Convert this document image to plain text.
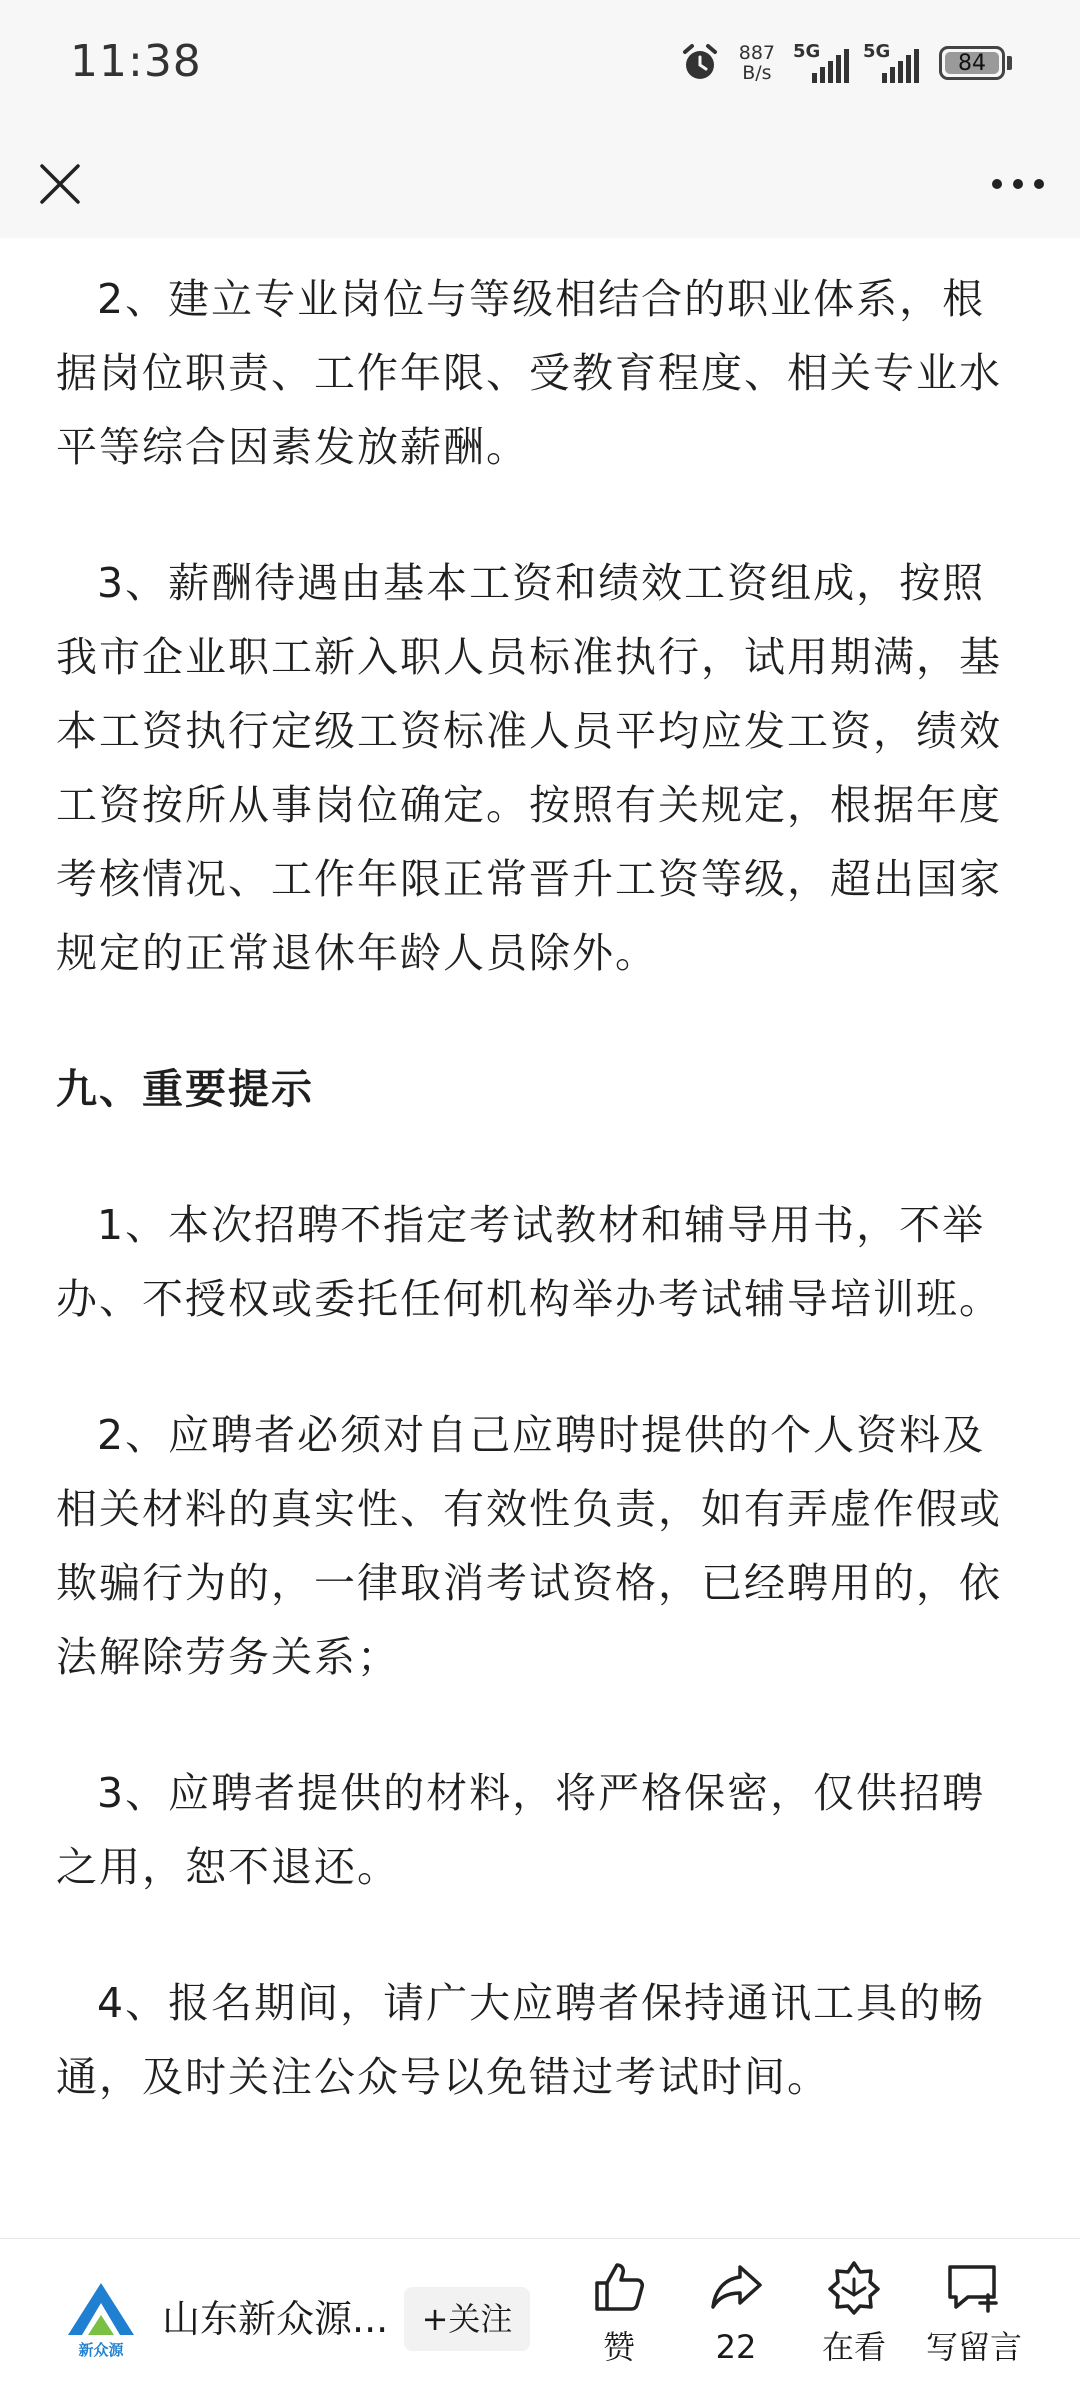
11:38	887
B/s
5G 5G	84

2、建立专业岗位与等级相结合的职业体系，根据岗位职责、工作年限、受教育程度、相关专业水平等综合因素发放薪酬。

3、薪酬待遇由基本工资和绩效工资组成，按照我市企业职工新入职人员标准执行，试用期满，基本工资执行定级工资标准人员平均应发工资，绩效工资按所从事岗位确定。按照有关规定，根据年度考核情况、工作年限正常晋升工资等级，超出国家规定的正常退休年龄人员除外。

九、重要提示

1、本次招聘不指定考试教材和辅导用书，不举办、不授权或委托任何机构举办考试辅导培训班。

2、应聘者必须对自己应聘时提供的个人资料及相关材料的真实性、有效性负责，如有弄虚作假或欺骗行为的，一律取消考试资格，已经聘用的，依法解除劳务关系；

3、应聘者提供的材料，将严格保密，仅供招聘之用，恕不退还。

4、报名期间，请广大应聘者保持通讯工具的畅通，及时关注公众号以免错过考试时间。

新众源
山东新众源...	+关注
赞	22 在看 写留言
